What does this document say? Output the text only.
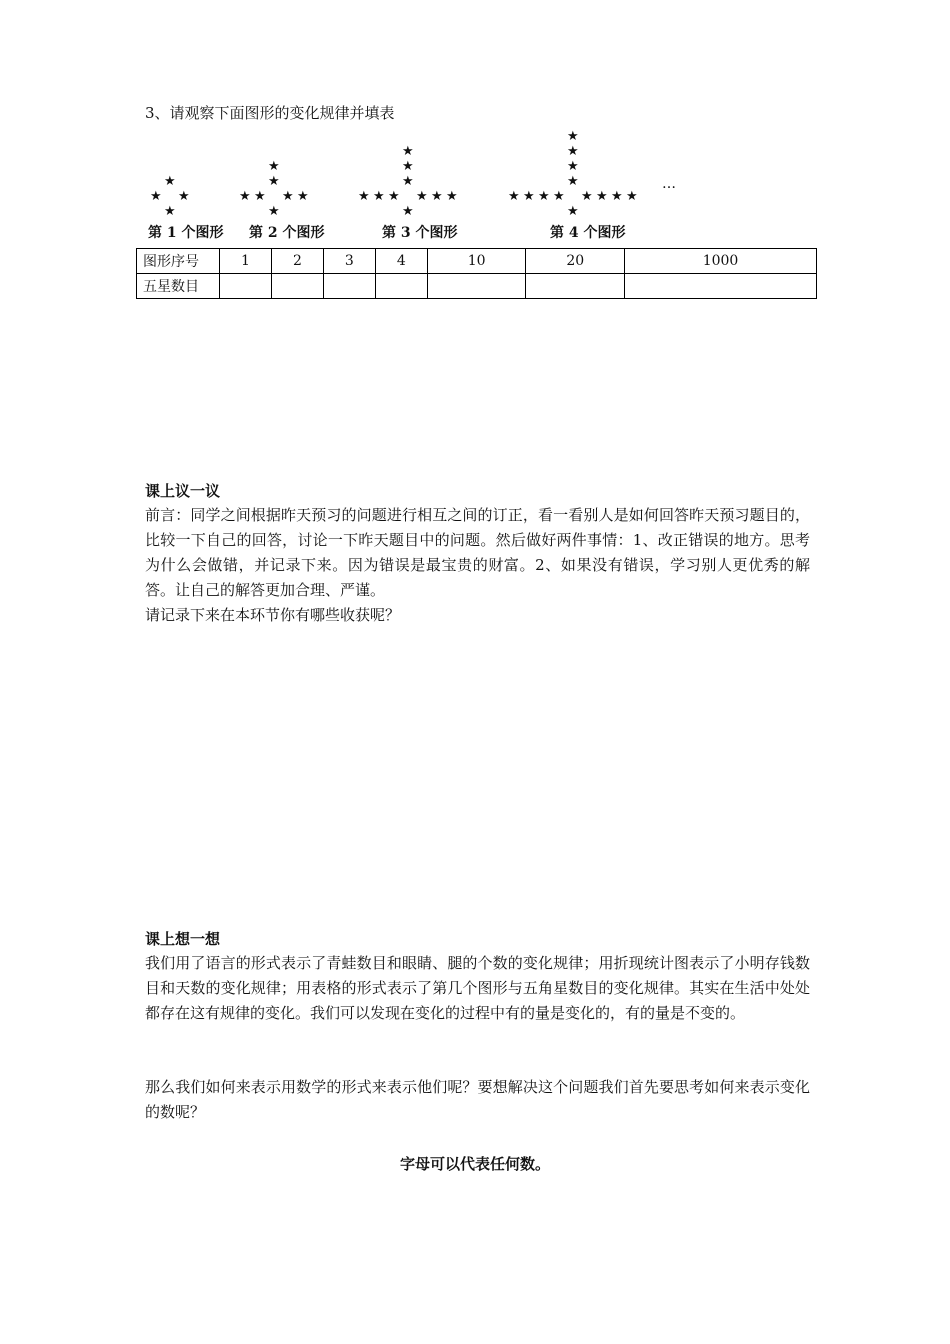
3、请观察下面图形的变化规律并填表
★
★
★ ★
★
★
★
★
★ ★ ★
★
★
★
★
★
★
★	★ ★ ★
★
★
★
★
★
★
★
★
★	★ ★ ★ ★
…
第 1 个图形 第 2 个图形	第 3 个图形	第 4 个图形
图形序号	1	2	3	4	10	20	1000
五星数目							
课上议一议
前言：同学之间根据昨天预习的问题进行相互之间的订正，看一看别人是如何回答昨天预习题目的，比较一下自己的回答，讨论一下昨天题目中的问题。然后做好两件事情：1、改正错误的地方。思考为什么会做错，并记录下来。因为错误是最宝贵的财富。2、如果没有错误，学习别人更优秀的解答。让自己的解答更加合理、严谨。
请记录下来在本环节你有哪些收获呢？
课上想一想
我们用了语言的形式表示了青蛙数目和眼睛、腿的个数的变化规律；用折现统计图表示了小明存钱数目和天数的变化规律；用表格的形式表示了第几个图形与五角星数目的变化规律。其实在生活中处处都存在这有规律的变化。我们可以发现在变化的过程中有的量是变化的，有的量是不变的。
那么我们如何来表示用数学的形式来表示他们呢？要想解决这个问题我们首先要思考如何来表示变化的数呢？
字母可以代表任何数。
